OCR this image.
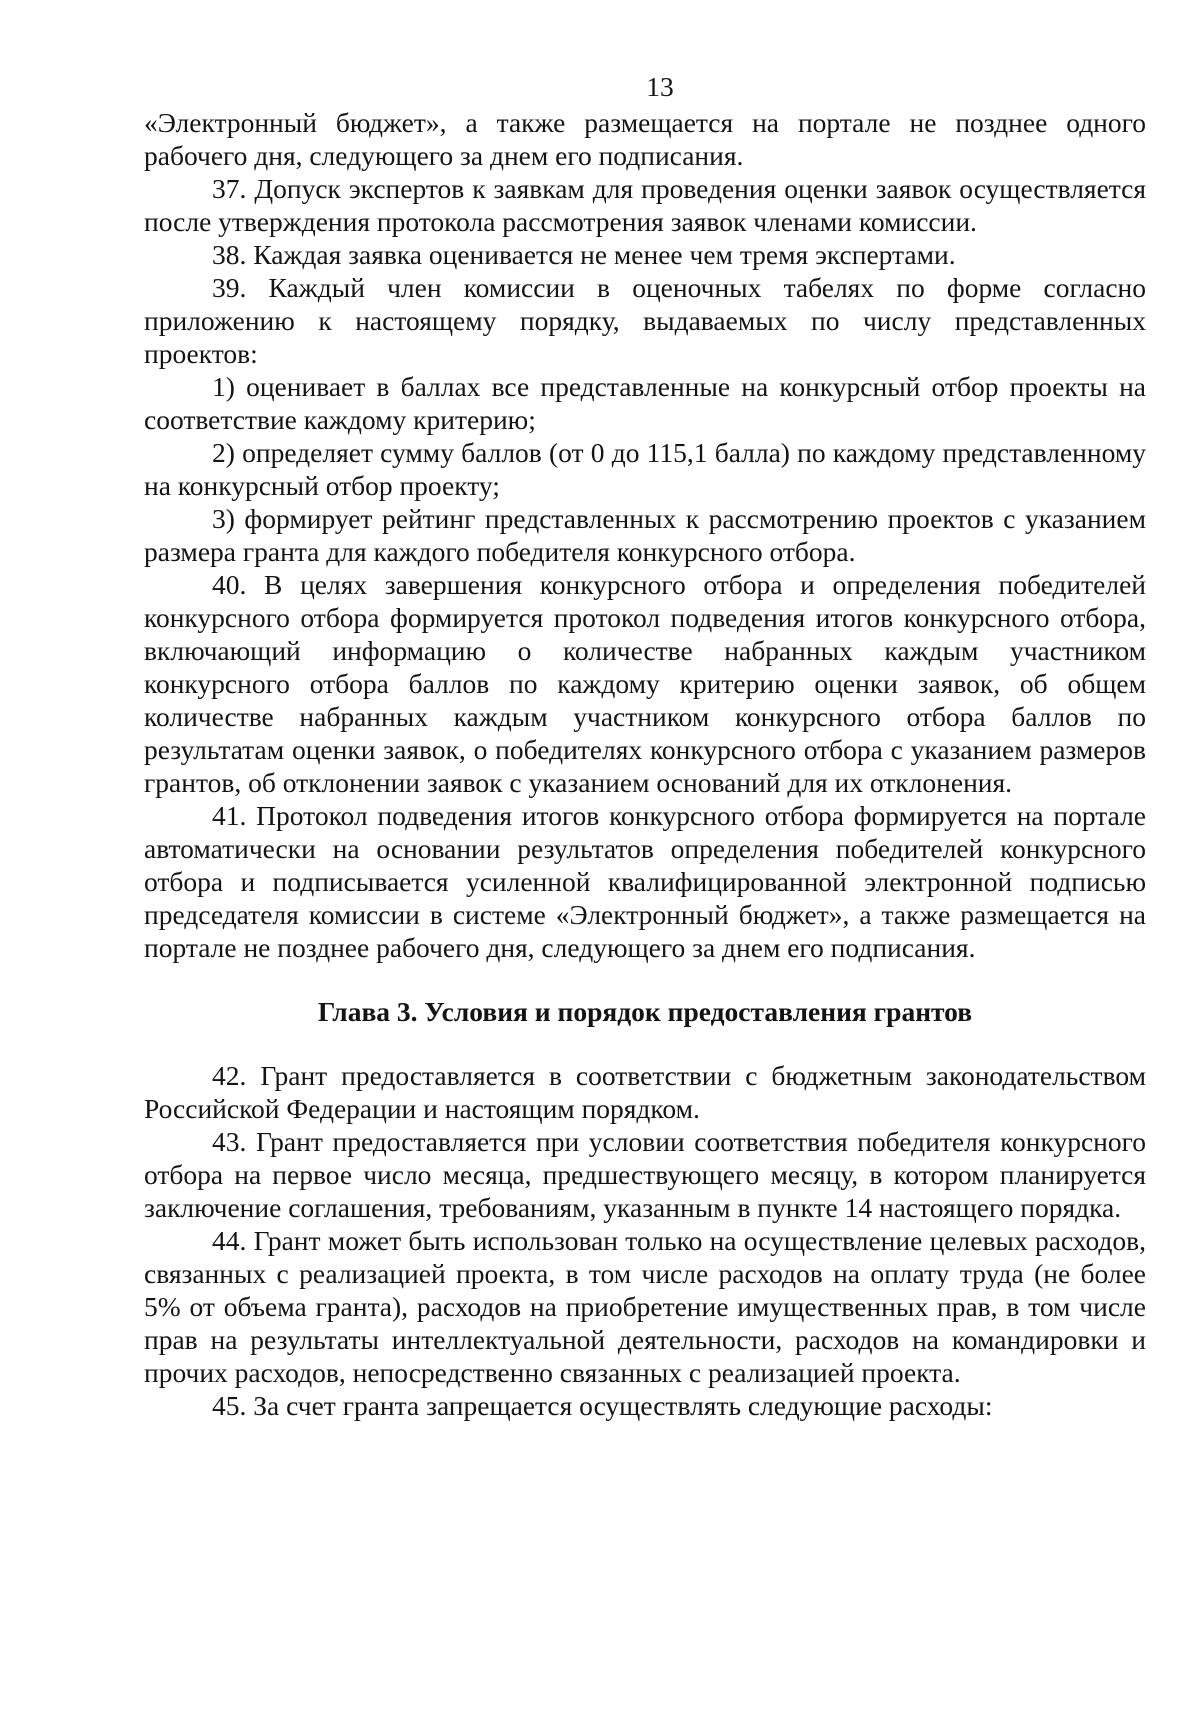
13

«Электронный бюджет», а также размещается на портале не позднее одного рабочего дня, следующего за днем его подписания.

37. Допуск экспертов к заявкам для проведения оценки заявок осуществляется после утверждения протокола рассмотрения заявок членами комиссии.

38. Каждая заявка оценивается не менее чем тремя экспертами.

39. Каждый член комиссии в оценочных табелях по форме согласно приложению к настоящему порядку, выдаваемых по числу представленных проектов:

1) оценивает в баллах все представленные на конкурсный отбор проекты на соответствие каждому критерию;

2) определяет сумму баллов (от 0 до 115,1 балла) по каждому представленному на конкурсный отбор проекту;

3) формирует рейтинг представленных к рассмотрению проектов с указанием размера гранта для каждого победителя конкурсного отбора.

40. В целях завершения конкурсного отбора и определения победителей конкурсного отбора формируется протокол подведения итогов конкурсного отбора, включающий информацию о количестве набранных каждым участником конкурсного отбора баллов по каждому критерию оценки заявок, об общем количестве набранных каждым участником конкурсного отбора баллов по результатам оценки заявок, о победителях конкурсного отбора с указанием размеров грантов, об отклонении заявок с указанием оснований для их отклонения.

41. Протокол подведения итогов конкурсного отбора формируется на портале автоматически на основании результатов определения победителей конкурсного отбора и подписывается усиленной квалифицированной электронной подписью председателя комиссии в системе «Электронный бюджет», а также размещается на портале не позднее рабочего дня, следующего за днем его подписания.

Глава 3. Условия и порядок предоставления грантов

42. Грант предоставляется в соответствии с бюджетным законодательством Российской Федерации и настоящим порядком.

43. Грант предоставляется при условии соответствия победителя конкурсного отбора на первое число месяца, предшествующего месяцу, в котором планируется заключение соглашения, требованиям, указанным в пункте 14 настоящего порядка.

44. Грант может быть использован только на осуществление целевых расходов, связанных с реализацией проекта, в том числе расходов на оплату труда (не более 5% от объема гранта), расходов на приобретение имущественных прав, в том числе прав на результаты интеллектуальной деятельности, расходов на командировки и прочих расходов, непосредственно связанных с реализацией проекта.

45. За счет гранта запрещается осуществлять следующие расходы:
